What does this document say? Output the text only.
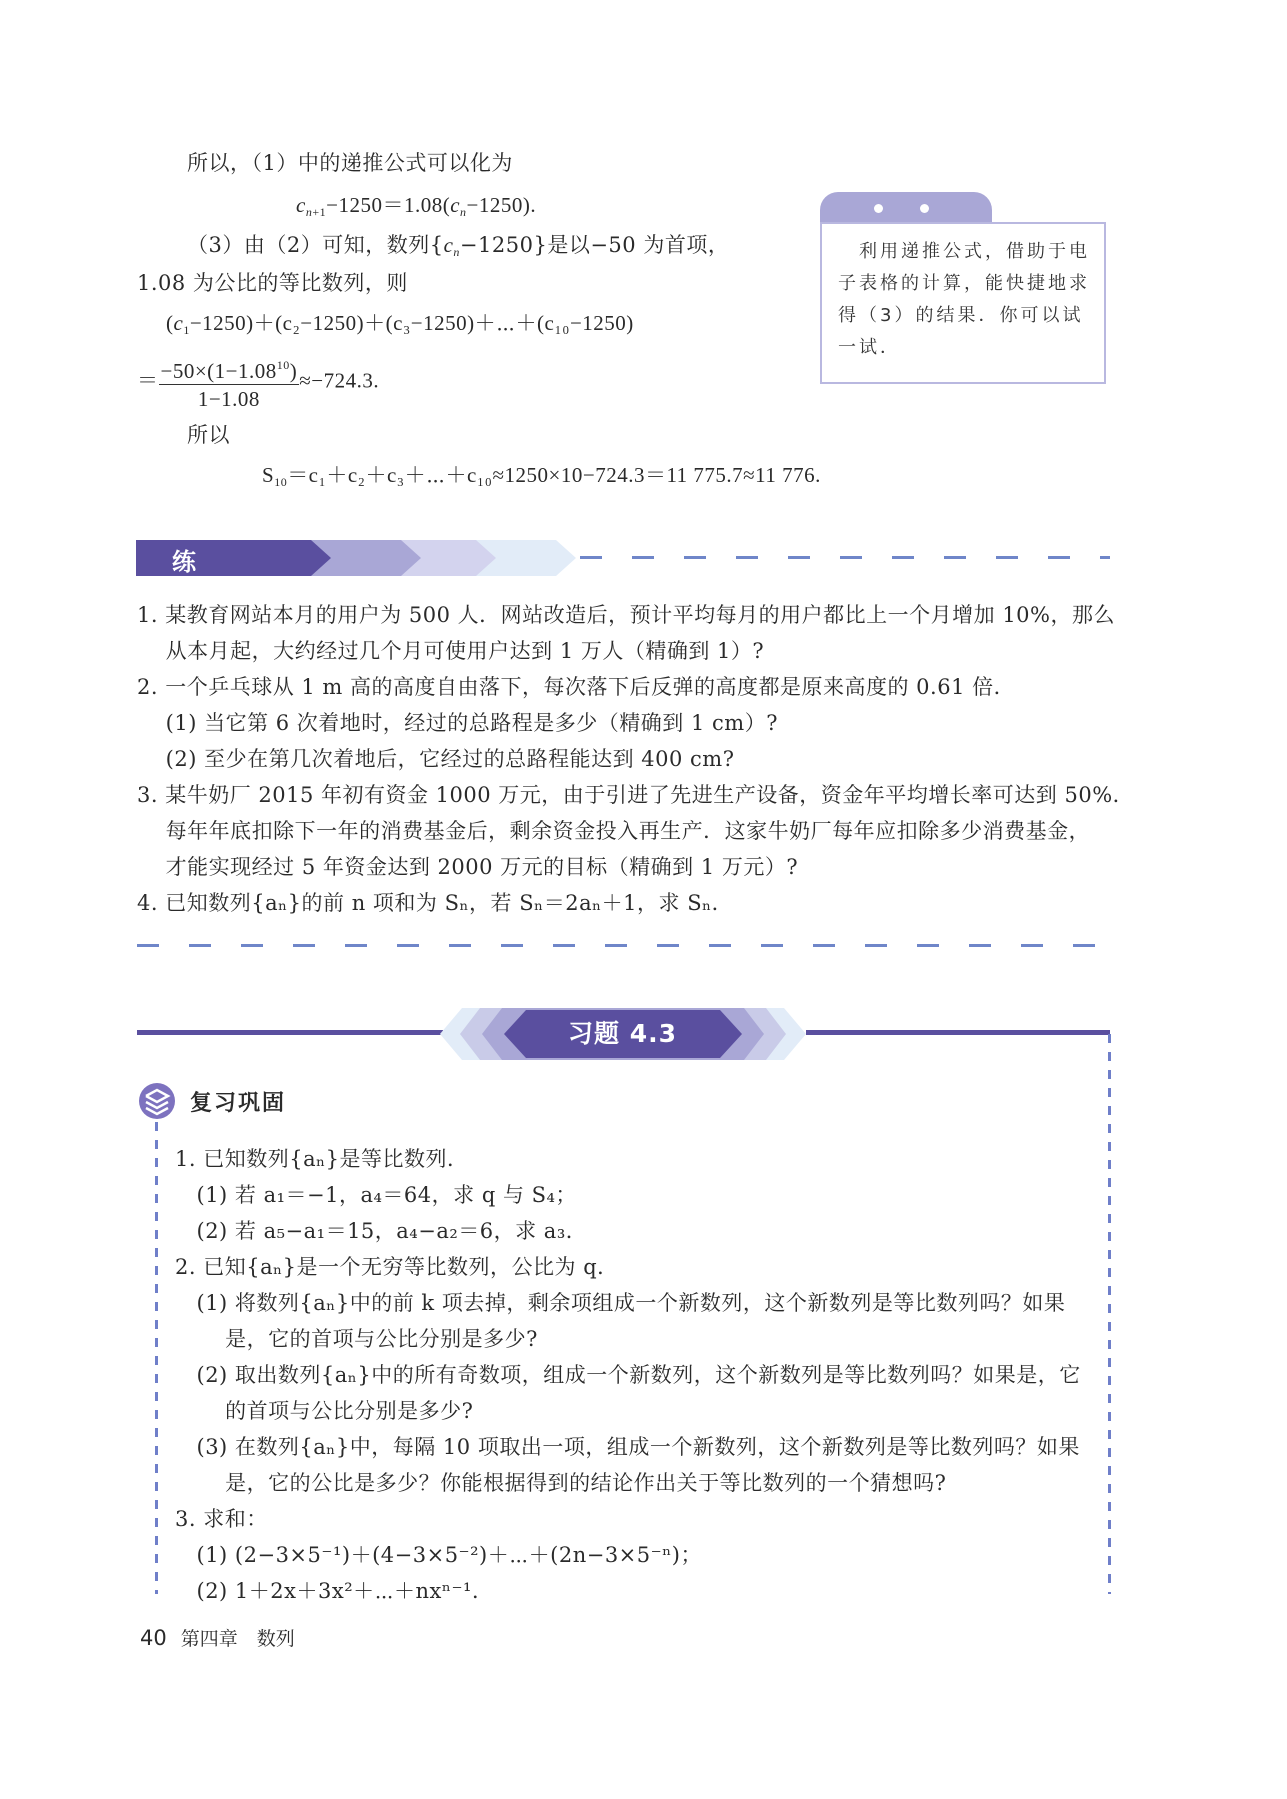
所以，（1）中的递推公式可以化为
$c_{n+1}-1250=1.08(c_n-1250)$.
（3）由（2）可知，数列$\{c_n-1250\}$是以−50 为首项，
1.08 为公比的等比数列，则
$(c_1-1250)+(c_2-1250)+(c_3-1250)+\cdots+(c_{10}-1250)$
＝ $\frac{-50\times(1-1.08^{10})}{1-1.08} \approx-724.3$.
所以
$S_{10}=c_1+c_2+c_3+\cdots+c_{10}\approx 1250\times 10-724.3=11$ 775.7≈11 776.
　利用递推公式，借助于电子表格的计算，能快捷地求得（3）的结果．你可以试一试．
练习
1. 某教育网站本月的用户为 500 人．网站改造后，预计平均每月的用户都比上一个月增加 10%，那么
　 从本月起，大约经过几个月可使用户达到 1 万人（精确到 1）?
2. 一个乒乓球从 1 m 高的高度自由落下，每次落下后反弹的高度都是原来高度的 0.61 倍．
　 (1) 当它第 6 次着地时，经过的总路程是多少（精确到 1 cm）?
　 (2) 至少在第几次着地后，它经过的总路程能达到 400 cm?
3. 某牛奶厂 2015 年初有资金 1000 万元，由于引进了先进生产设备，资金年平均增长率可达到 50%．
　 每年年底扣除下一年的消费基金后，剩余资金投入再生产．这家牛奶厂每年应扣除多少消费基金，
　 才能实现经过 5 年资金达到 2000 万元的目标（精确到 1 万元）?
4. 已知数列{aₙ}的前 n 项和为 Sₙ，若 Sₙ＝2aₙ＋1，求 Sₙ．
习题 4.3
复习巩固
1. 已知数列{aₙ}是等比数列．
　(1) 若 a₁＝−1，a₄＝64，求 q 与 S₄；
　(2) 若 a₅−a₁＝15，a₄−a₂＝6，求 a₃．
2. 已知{aₙ}是一个无穷等比数列，公比为 q．
　(1) 将数列{aₙ}中的前 k 项去掉，剩余项组成一个新数列，这个新数列是等比数列吗？如果
　　 是，它的首项与公比分别是多少?
　(2) 取出数列{aₙ}中的所有奇数项，组成一个新数列，这个新数列是等比数列吗？如果是，它
　　 的首项与公比分别是多少?
　(3) 在数列{aₙ}中，每隔 10 项取出一项，组成一个新数列，这个新数列是等比数列吗？如果
　　 是，它的公比是多少？你能根据得到的结论作出关于等比数列的一个猜想吗?
3. 求和：
　(1) (2−3×5⁻¹)＋(4−3×5⁻²)＋⋯＋(2n−3×5⁻ⁿ)；
　(2) 1＋2x＋3x²＋⋯＋nxⁿ⁻¹．
40 第四章　数列
